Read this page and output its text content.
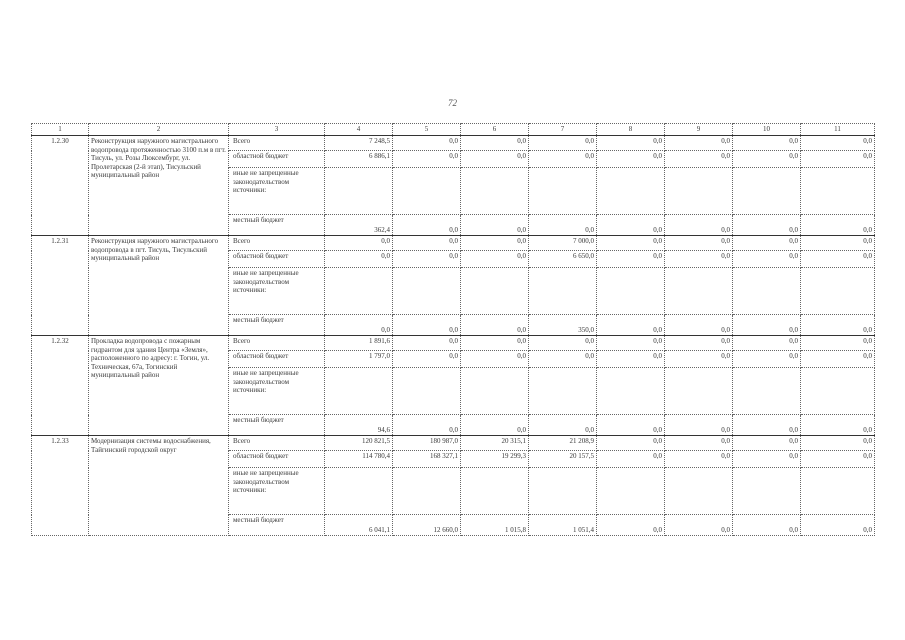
72
1	2	3	4	5	6	7	8	9	10	11
1.2.30	Реконструкция наружного магистрального водопровода протяженностью 3100 п.м в пгт. Тисуль, ул. Розы Люксембург, ул. Пролетарская (2-й этап), Тисульский муниципальный район	Всего	7 248,5	0,0	0,0	0,0	0,0	0,0	0,0	0,0
		областной бюджет	6 886,1	0,0	0,0	0,0	0,0	0,0	0,0	0,0
		иные не запрещенные законодательством источники:								
		местный бюджет	362,4	0,0	0,0	0,0	0,0	0,0	0,0	0,0
1.2.31	Реконструкция наружного магистрального водопровода в пгт. Тисуль, Тисульский муниципальный район	Всего	0,0	0,0	0,0	7 000,0	0,0	0,0	0,0	0,0
		областной бюджет	0,0	0,0	0,0	6 650,0	0,0	0,0	0,0	0,0
		иные не запрещенные законодательством источники:								
		местный бюджет	0,0	0,0	0,0	350,0	0,0	0,0	0,0	0,0
1.2.32	Прокладка водопровода с пожарным гидрантом для здания Центра «Земля», расположенного по адресу: г. Тогин, ул. Техническая, 67а, Тогинский муниципальный район	Всего	1 891,6	0,0	0,0	0,0	0,0	0,0	0,0	0,0
		областной бюджет	1 797,0	0,0	0,0	0,0	0,0	0,0	0,0	0,0
		иные не запрещенные законодательством источники:								
		местный бюджет	94,6	0,0	0,0	0,0	0,0	0,0	0,0	0,0
1.2.33	Модернизация системы водоснабжения, Тайгинский городской округ	Всего	120 821,5	180 987,0	20 315,1	21 208,9	0,0	0,0	0,0	0,0
		областной бюджет	114 780,4	168 327,1	19 299,3	20 157,5	0,0	0,0	0,0	0,0
		иные не запрещенные законодательством источники:								
		местный бюджет	6 041,1	12 660,0	1 015,8	1 051,4	0,0	0,0	0,0	0,0
